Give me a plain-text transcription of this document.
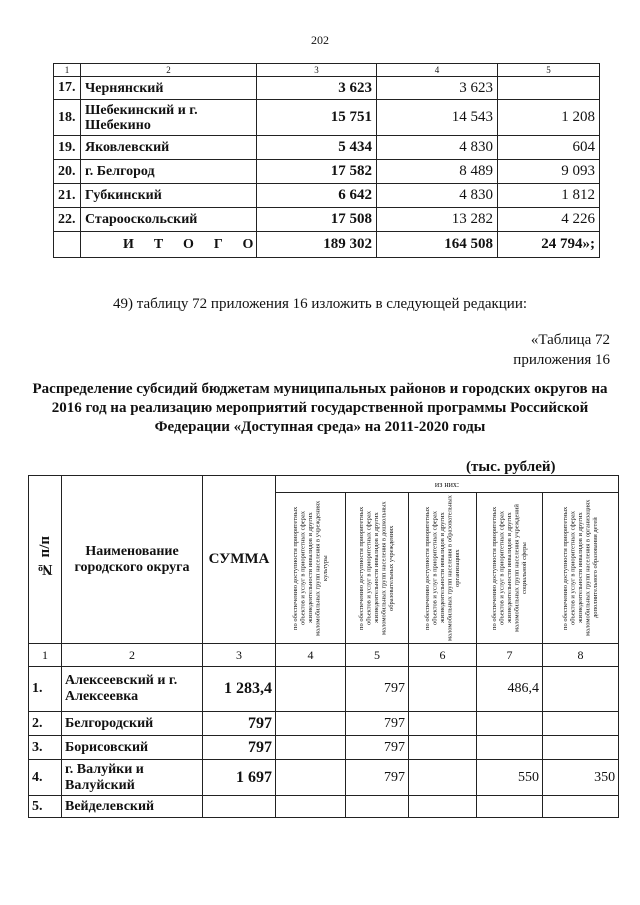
202
1	2	3	4	5
17.	Чернянский	3 623	3 623	
18.	Шебекинский и г. Шебекино	15 751	14 543	1 208
19.	Яковлевский	5 434	4 830	604
20.	г. Белгород	17 582	8 489	9 093
21.	Губкинский	6 642	4 830	1 812
22.	Старооскольский	17 508	13 282	4 226
	ИТОГО	189 302	164 508	24 794»;
49) таблицу 72 приложения 16 изложить в следующей редакции:
«Таблица 72
приложения 16
Распределение субсидий бюджетам муниципальных районов и городских округов на 2016 год на реализацию мероприятий государственной программы Российской Федерации «Доступная среда» на 2011-2020 годы
(тыс. рублей)
№ п/п	Наименование городского округа	СУММА	из них:				

			по обеспечению доступности приоритетных объектов и услуг в приоритетных сферах жизнедеятельности инвалидов и других маломобильных групп населения в учреждениях культуры	по обеспечению доступности приоритетных объектов и услуг в приоритетных сферах жизнедеятельности инвалидов и других маломобильных групп населения в дошкольных образовательных учреждениях	по обеспечению доступности приоритетных объектов и услуг в приоритетных сферах жизнедеятельности инвалидов и других маломобильных групп населения в образовательных организациях	по обеспечению доступности приоритетных объектов и услуг в приоритетных сферах жизнедеятельности инвалидов и других маломобильных групп населения учреждений социальной сферы	по обеспечению доступности приоритетных объектов и услуг в приоритетных сферах жизнедеятельности инвалидов и других маломобильных групп населения в организациях дополнительного образования детей

1	2	3	4	5	6	7	8
1.	Алексеевский и г. Алексеевка	1 283,4		797		486,4	
2.	Белгородский	797		797			
3.	Борисовский	797		797			
4.	г. Валуйки и Валуйский	1 697		797		550	350
5.	Вейделевский						
